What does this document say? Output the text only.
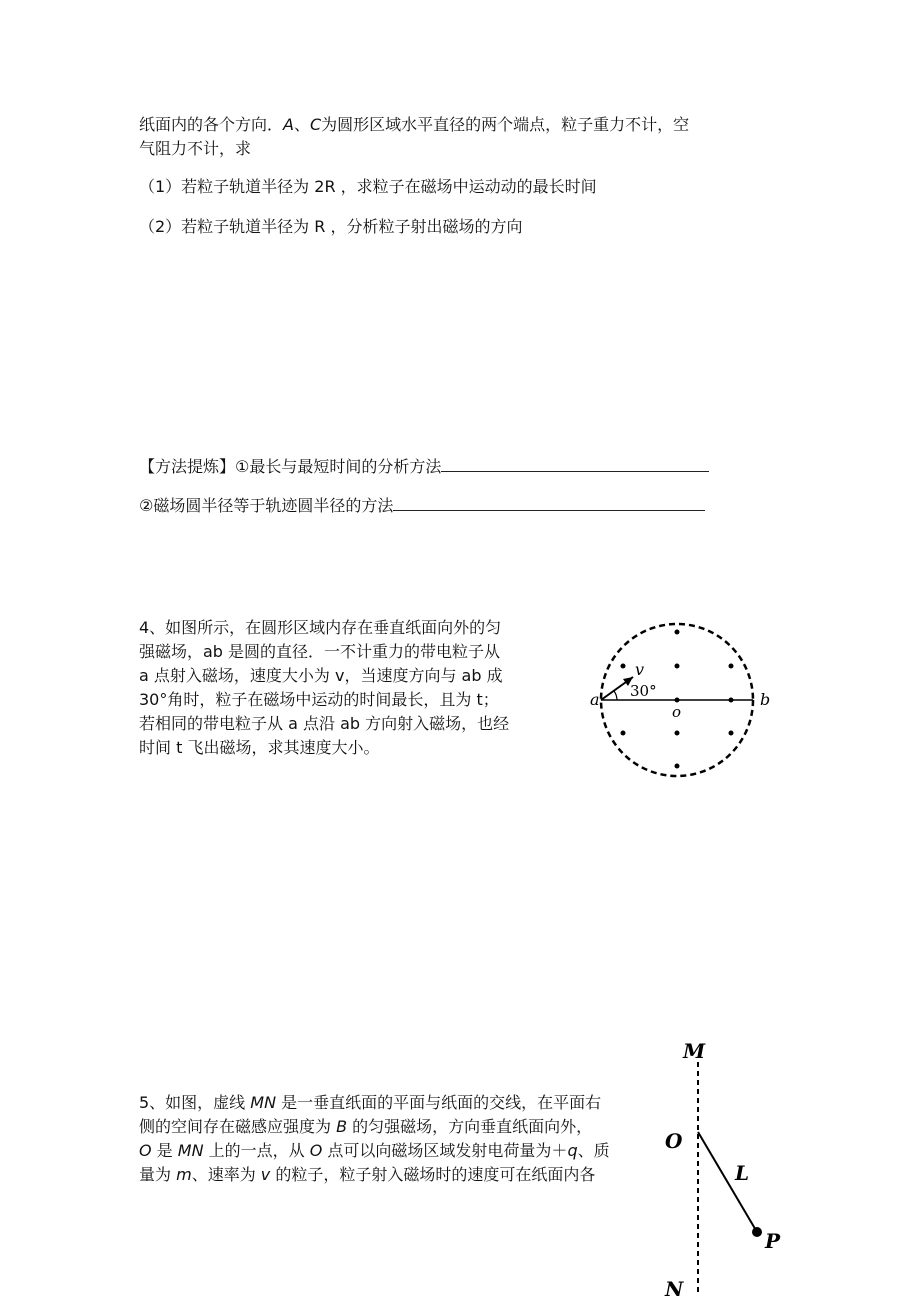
纸面内的各个方向．A、C为圆形区域水平直径的两个端点，粒子重力不计，空
气阻力不计，求
（1）若粒子轨道半径为 2R ，求粒子在磁场中运动动的最长时间
（2）若粒子轨道半径为 R ，分析粒子射出磁场的方向
【方法提炼】①最长与最短时间的分析方法
②磁场圆半径等于轨迹圆半径的方法
4、如图所示，在圆形区域内存在垂直纸面向外的匀
强磁场，ab 是圆的直径．一不计重力的带电粒子从
a 点射入磁场，速度大小为 v，当速度方向与 ab 成
30°角时，粒子在磁场中运动的时间最长，且为 t；
若相同的带电粒子从 a 点沿 ab 方向射入磁场，也经
时间 t 飞出磁场，求其速度大小。
a	b
o
v
30°
5、如图，虚线 MN 是一垂直纸面的平面与纸面的交线，在平面右
侧的空间存在磁感应强度为 B 的匀强磁场，方向垂直纸面向外，
O 是 MN 上的一点，从 O 点可以向磁场区域发射电荷量为＋q、质
量为 m、速率为 v 的粒子，粒子射入磁场时的速度可在纸面内各
M
O
L
P
N
